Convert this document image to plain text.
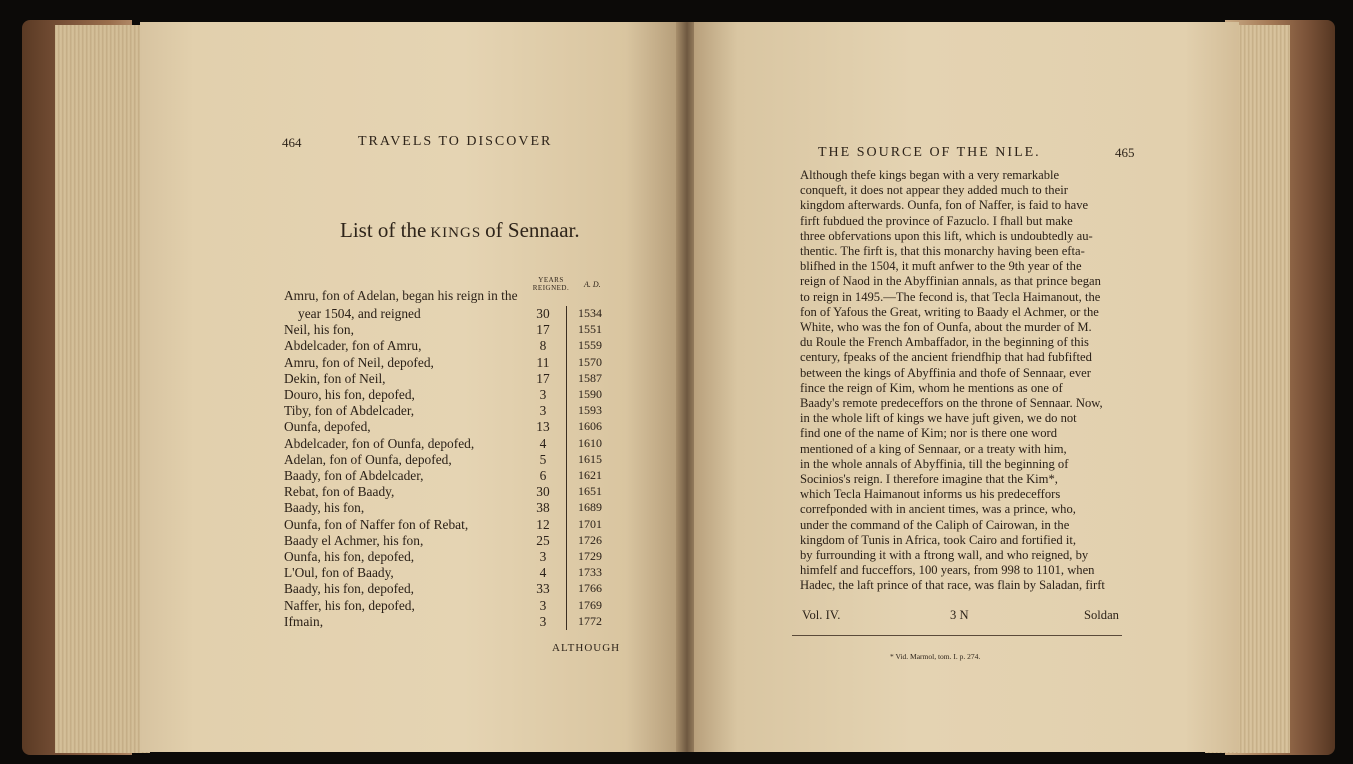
464	TRAVELS TO DISCOVER
List of the KINGS of Sennaar.
YEARS REIGNED.	A. D.
Amru, fon of Adelan, began his reign in the
year 1504, and reigned	30	1534
Neil, his fon,	17	1551
Abdelcader, fon of Amru,	8	1559
Amru, fon of Neil, depofed,	11	1570
Dekin, fon of Neil,	17	1587
Douro, his fon, depofed,	3	1590
Tiby, fon of Abdelcader,	3	1593
Ounfa, depofed,	13	1606
Abdelcader, fon of Ounfa, depofed,	4	1610
Adelan, fon of Ounfa, depofed,	5	1615
Baady, fon of Abdelcader,	6	1621
Rebat, fon of Baady,	30	1651
Baady, his fon,	38	1689
Ounfa, fon of Naffer fon of Rebat,	12	1701
Baady el Achmer, his fon,	25	1726
Ounfa, his fon, depofed,	3	1729
L'Oul, fon of Baady,	4	1733
Baady, his fon, depofed,	33	1766
Naffer, his fon, depofed,	3	1769
Ifmain,	3	1772
ALTHOUGH
THE SOURCE OF THE NILE.	465
Although thefe kings began with a very remarkable
conqueft, it does not appear they added much to their
kingdom afterwards. Ounfa, fon of Naffer, is faid to have
firft fubdued the province of Fazuclo. I fhall but make
three obfervations upon this lift, which is undoubtedly au-
thentic. The firft is, that this monarchy having been efta-
blifhed in the 1504, it muft anfwer to the 9th year of the
reign of Naod in the Abyffinian annals, as that prince began
to reign in 1495.—The fecond is, that Tecla Haimanout, the
fon of Yafous the Great, writing to Baady el Achmer, or the
White, who was the fon of Ounfa, about the murder of M.
du Roule the French Ambaffador, in the beginning of this
century, fpeaks of the ancient friendfhip that had fubfifted
between the kings of Abyffinia and thofe of Sennaar, ever
fince the reign of Kim, whom he mentions as one of
Baady's remote predeceffors on the throne of Sennaar. Now,
in the whole lift of kings we have juft given, we do not
find one of the name of Kim; nor is there one word
mentioned of a king of Sennaar, or a treaty with him,
in the whole annals of Abyffinia, till the beginning of
Socinios's reign. I therefore imagine that the Kim*,
which Tecla Haimanout informs us his predeceffors
correfponded with in ancient times, was a prince, who,
under the command of the Caliph of Cairowan, in the
kingdom of Tunis in Africa, took Cairo and fortified it,
by furrounding it with a ftrong wall, and who reigned, by
himfelf and fucceffors, 100 years, from 998 to 1101, when
Hadec, the laft prince of that race, was flain by Saladan, firft
Vol. IV.	3 N	Soldan
* Vid. Marmol, tom. I. p. 274.
